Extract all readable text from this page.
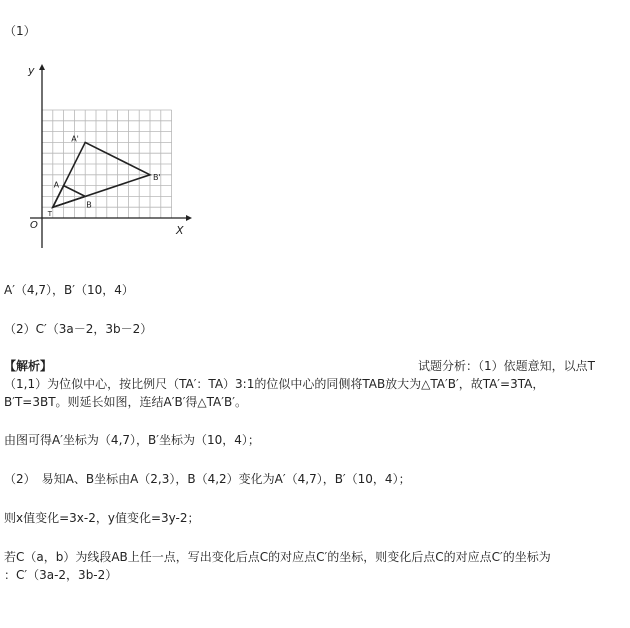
（1）
y
X
O
A'
B'
A
B
T
A′（4,7），B′（10，4）
（2）C′（3a－2，3b－2）
【解析】	试题分析：（1）依题意知，以点T
（1,1）为位似中心，按比例尺（TA′：TA）3:1的位似中心的同侧将TAB放大为△TA′B′，故TA′=3TA，
B′T=3BT。则延长如图，连结A′B′得△TA′B′。
由图可得A′坐标为（4,7），B′坐标为（10，4）；
（2）　易知A、B坐标由A（2,3），B（4,2）变化为A′（4,7），B′（10，4）；
则x值变化=3x-2，y值变化=3y-2；
若C（a，b）为线段AB上任一点，写出变化后点C的对应点C′的坐标，则变化后点C的对应点C′的坐标为
：C′（3a-2，3b-2）
